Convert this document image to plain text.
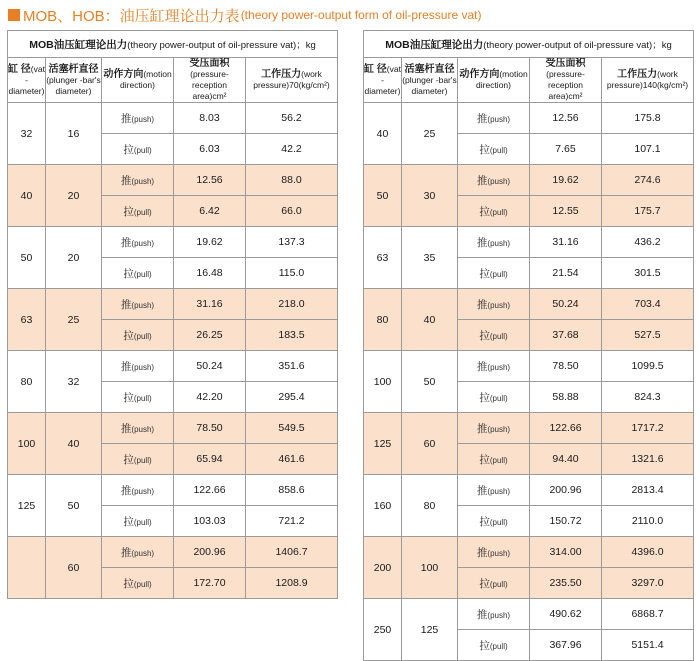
MOB、HOB：油压缸理论出力表 (theory power-output form of oil-pressure vat)
MOB油压缸理论出力(theory power-output of oil-pressure vat)；kg				
缸 径(vat -diameter)	活塞杆直径(plunger -bar's diameter)	动作方向(motion direction)	受压面积(pressure- reception area)cm²	工作压力(work pressure)70(kg/cm²)
32	16	推(push)	8.03	56.2
		拉(pull)	6.03	42.2
40	20	推(push)	12.56	88.0
		拉(pull)	6.42	66.0
50	20	推(push)	19.62	137.3
		拉(pull)	16.48	115.0
63	25	推(push)	31.16	218.0
		拉(pull)	26.25	183.5
80	32	推(push)	50.24	351.6
		拉(pull)	42.20	295.4
100	40	推(push)	78.50	549.5
		拉(pull)	65.94	461.6
125	50	推(push)	122.66	858.6
		拉(pull)	103.03	721.2
	60	推(push)	200.96	1406.7
		拉(pull)	172.70	1208.9
MOB油压缸理论出力(theory power-output of oil-pressure vat)；kg				
缸 径(vat -diameter)	活塞杆直径(plunger -bar's diameter)	动作方向(motion direction)	受压面积(pressure- reception area)cm²	工作压力(work pressure)140(kg/cm²)
40	25	推(push)	12.56	175.8
		拉(pull)	7.65	107.1
50	30	推(push)	19.62	274.6
		拉(pull)	12.55	175.7
63	35	推(push)	31.16	436.2
		拉(pull)	21.54	301.5
80	40	推(push)	50.24	703.4
		拉(pull)	37.68	527.5
100	50	推(push)	78.50	1099.5
		拉(pull)	58.88	824.3
125	60	推(push)	122.66	1717.2
		拉(pull)	94.40	1321.6
160	80	推(push)	200.96	2813.4
		拉(pull)	150.72	2110.0
200	100	推(push)	314.00	4396.0
		拉(pull)	235.50	3297.0
250	125	推(push)	490.62	6868.7
		拉(pull)	367.96	5151.4
